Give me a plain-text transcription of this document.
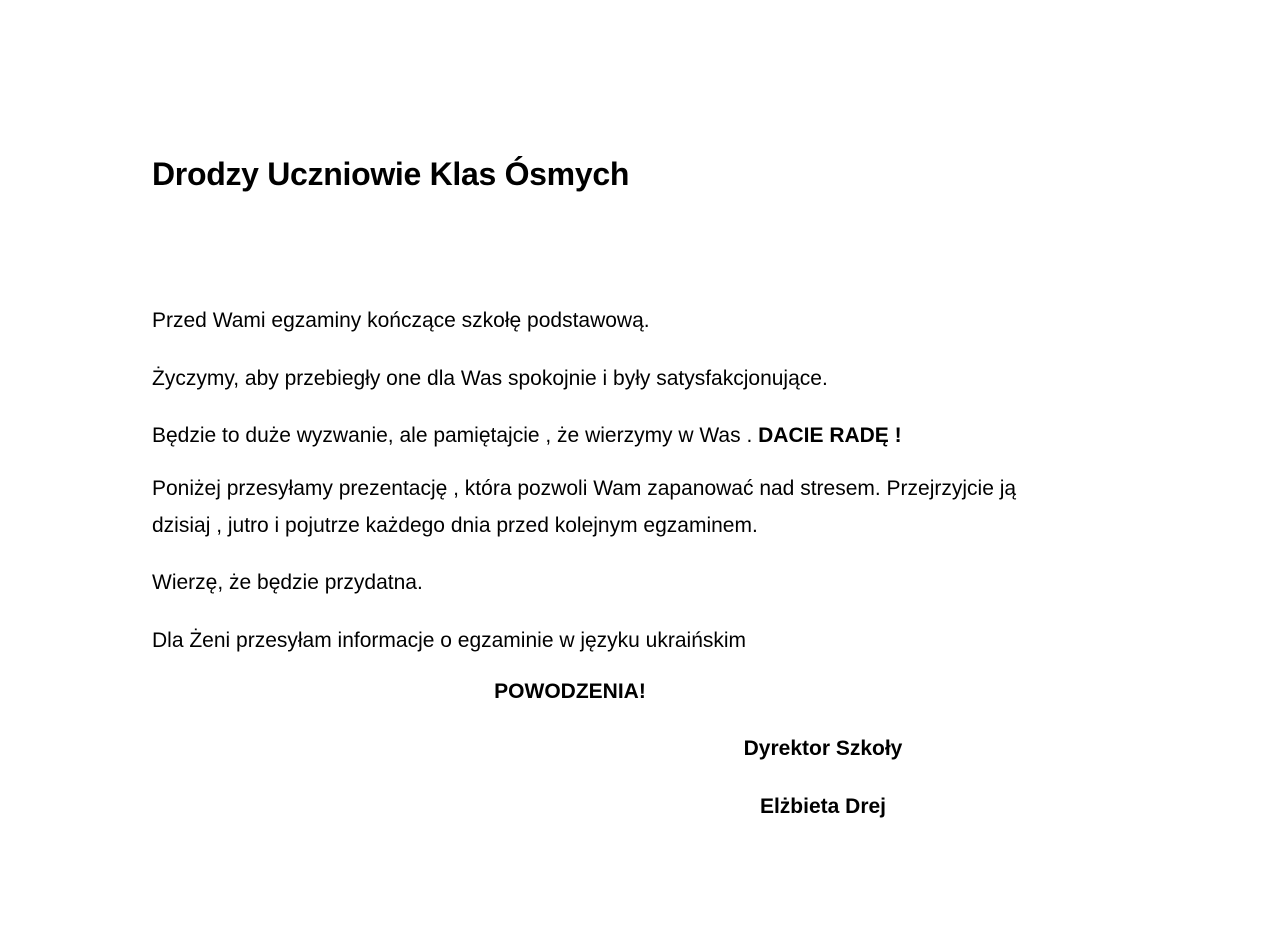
Drodzy Uczniowie Klas Ósmych

Przed Wami egzaminy kończące szkołę podstawową.

Życzymy, aby przebiegły one dla Was spokojnie i były satysfakcjonujące.

Będzie to duże wyzwanie, ale pamiętajcie , że wierzymy w Was . DACIE RADĘ !

Poniżej przesyłamy prezentację , która pozwoli Wam zapanować nad stresem. Przejrzyjcie ją

dzisiaj , jutro i pojutrze każdego dnia przed kolejnym egzaminem.

Wierzę, że będzie przydatna.

Dla Żeni przesyłam informacje o egzaminie w języku ukraińskim

POWODZENIA!

Dyrektor Szkoły

Elżbieta Drej
